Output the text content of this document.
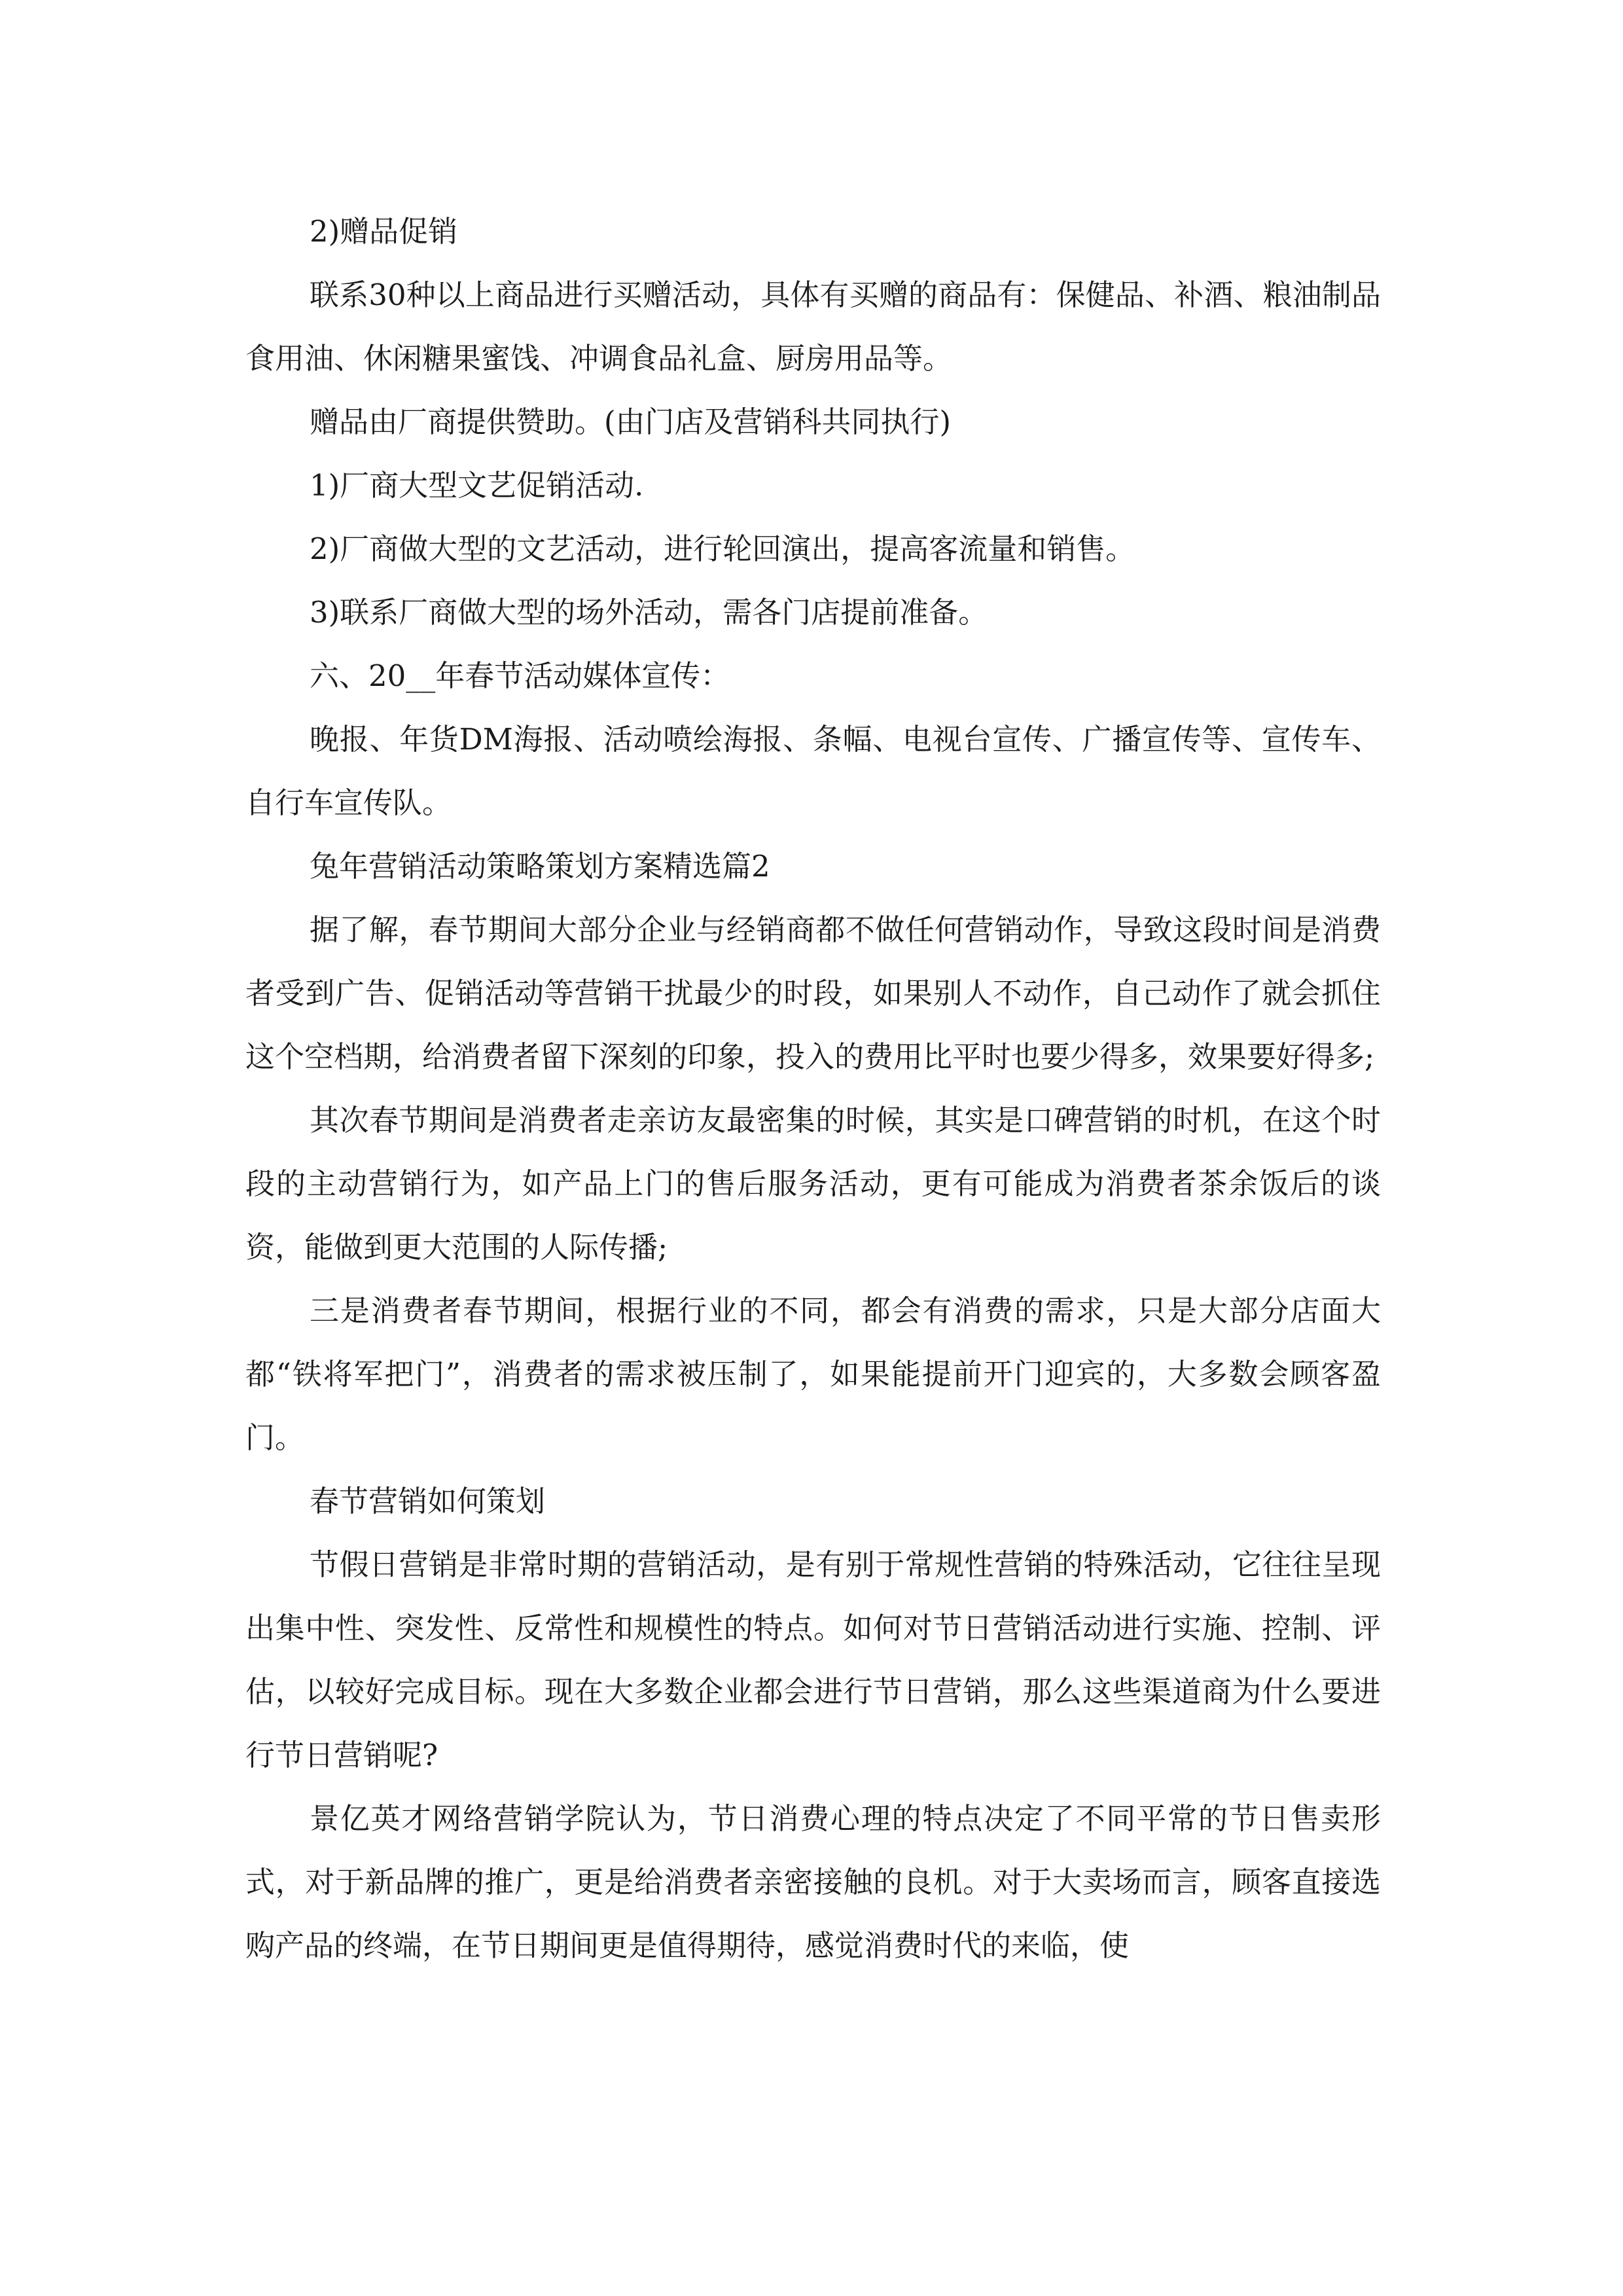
2)赠品促销

联系30种以上商品进行买赠活动，具体有买赠的商品有：保健品、补酒、粮油制品食用油、休闲糖果蜜饯、冲调食品礼盒、厨房用品等。

赠品由厂商提供赞助。(由门店及营销科共同执行)

1)厂商大型文艺促销活动.

2)厂商做大型的文艺活动，进行轮回演出，提高客流量和销售。

3)联系厂商做大型的场外活动，需各门店提前准备。

六、20__年春节活动媒体宣传：

晚报、年货DM海报、活动喷绘海报、条幅、电视台宣传、广播宣传等、宣传车、自行车宣传队。

兔年营销活动策略策划方案精选篇2

据了解，春节期间大部分企业与经销商都不做任何营销动作，导致这段时间是消费者受到广告、促销活动等营销干扰最少的时段，如果别人不动作，自己动作了就会抓住这个空档期，给消费者留下深刻的印象，投入的费用比平时也要少得多，效果要好得多;

其次春节期间是消费者走亲访友最密集的时候，其实是口碑营销的时机，在这个时段的主动营销行为，如产品上门的售后服务活动，更有可能成为消费者茶余饭后的谈资，能做到更大范围的人际传播;

三是消费者春节期间，根据行业的不同，都会有消费的需求，只是大部分店面大都“铁将军把门”，消费者的需求被压制了，如果能提前开门迎宾的，大多数会顾客盈门。

春节营销如何策划

节假日营销是非常时期的营销活动，是有别于常规性营销的特殊活动，它往往呈现出集中性、突发性、反常性和规模性的特点。如何对节日营销活动进行实施、控制、评估，以较好完成目标。现在大多数企业都会进行节日营销，那么这些渠道商为什么要进行节日营销呢?

景亿英才网络营销学院认为，节日消费心理的特点决定了不同平常的节日售卖形式，对于新品牌的推广，更是给消费者亲密接触的良机。对于大卖场而言，顾客直接选购产品的终端，在节日期间更是值得期待，感觉消费时代的来临，使
